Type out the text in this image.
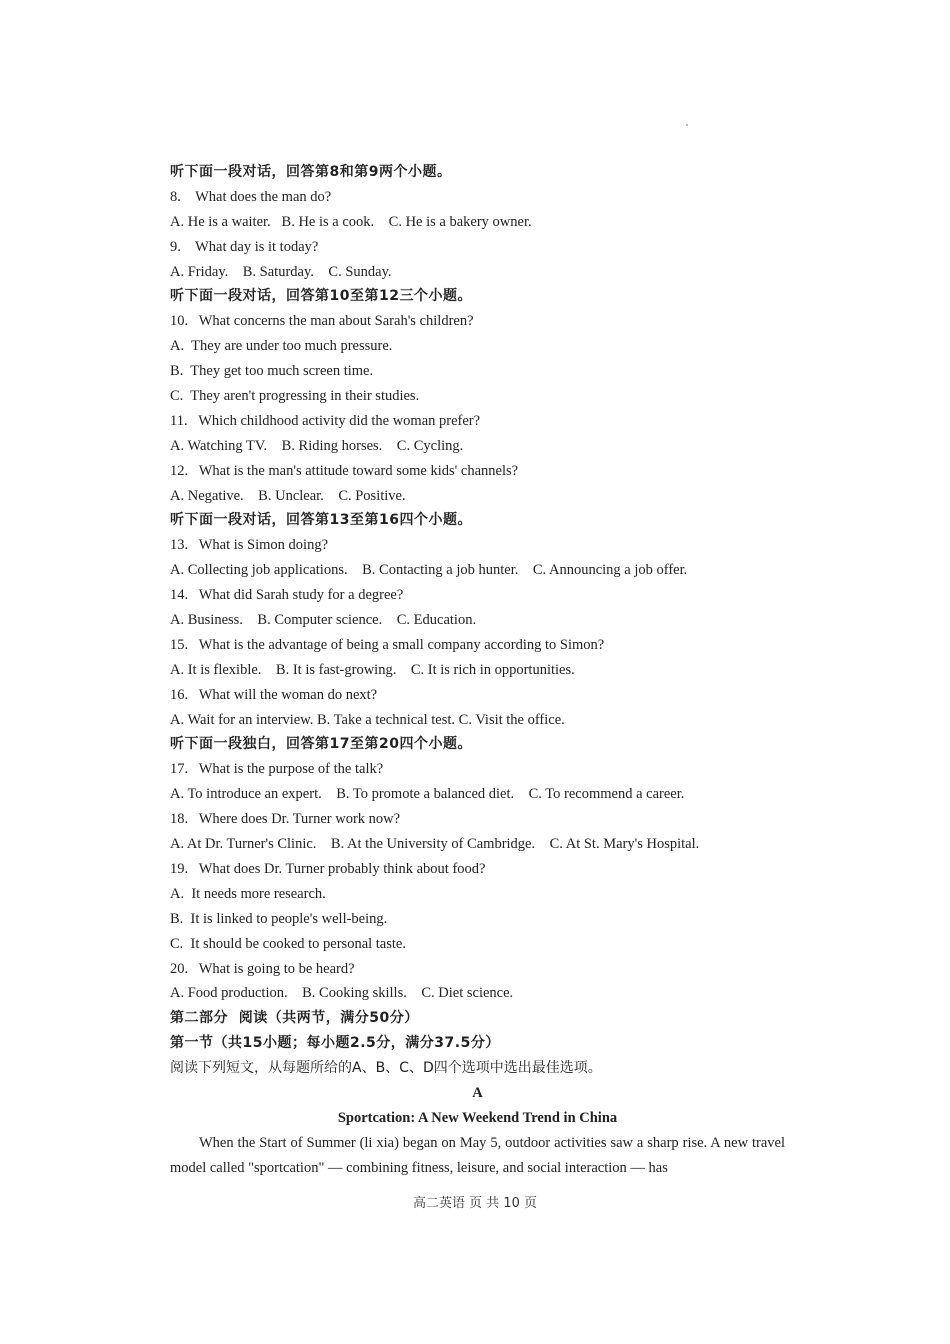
听下面一段对话，回答第8和第9两个小题。
8.    What does the man do?
A. He is a waiter.   B. He is a cook.    C. He is a bakery owner.
9.    What day is it today?
A. Friday.    B. Saturday.    C. Sunday.
听下面一段对话，回答第10至第12三个小题。
10.   What concerns the man about Sarah's children?
A.  They are under too much pressure.
B.  They get too much screen time.
C.  They aren't progressing in their studies.
11.   Which childhood activity did the woman prefer?
A. Watching TV.    B. Riding horses.    C. Cycling.
12.   What is the man's attitude toward some kids' channels?
A. Negative.    B. Unclear.    C. Positive.
听下面一段对话，回答第13至第16四个小题。
13.   What is Simon doing?
A. Collecting job applications.    B. Contacting a job hunter.    C. Announcing a job offer.
14.   What did Sarah study for a degree?
A. Business.    B. Computer science.    C. Education.
15.   What is the advantage of being a small company according to Simon?
A. It is flexible.    B. It is fast-growing.    C. It is rich in opportunities.
16.   What will the woman do next?
A. Wait for an interview. B. Take a technical test. C. Visit the office.
听下面一段独白，回答第17至第20四个小题。
17.   What is the purpose of the talk?
A. To introduce an expert.    B. To promote a balanced diet.    C. To recommend a career.
18.   Where does Dr. Turner work now?
A. At Dr. Turner's Clinic.    B. At the University of Cambridge.    C. At St. Mary's Hospital.
19.   What does Dr. Turner probably think about food?
A.  It needs more research.
B.  It is linked to people's well-being.
C.  It should be cooked to personal taste.
20.   What is going to be heard?
A. Food production.    B. Cooking skills.    C. Diet science.
第二部分  阅读（共两节，满分50分）
第一节（共15小题；每小题2.5分，满分37.5分）
阅读下列短文，从每题所给的A、B、C、D四个选项中选出最佳选项。
A
Sportcation: A New Weekend Trend in China

When the Start of Summer (li xia) began on May 5, outdoor activities saw a sharp rise. A new travel model called "sportcation" — combining fitness, leisure, and social interaction — has

高二英语 页 共 10 页
